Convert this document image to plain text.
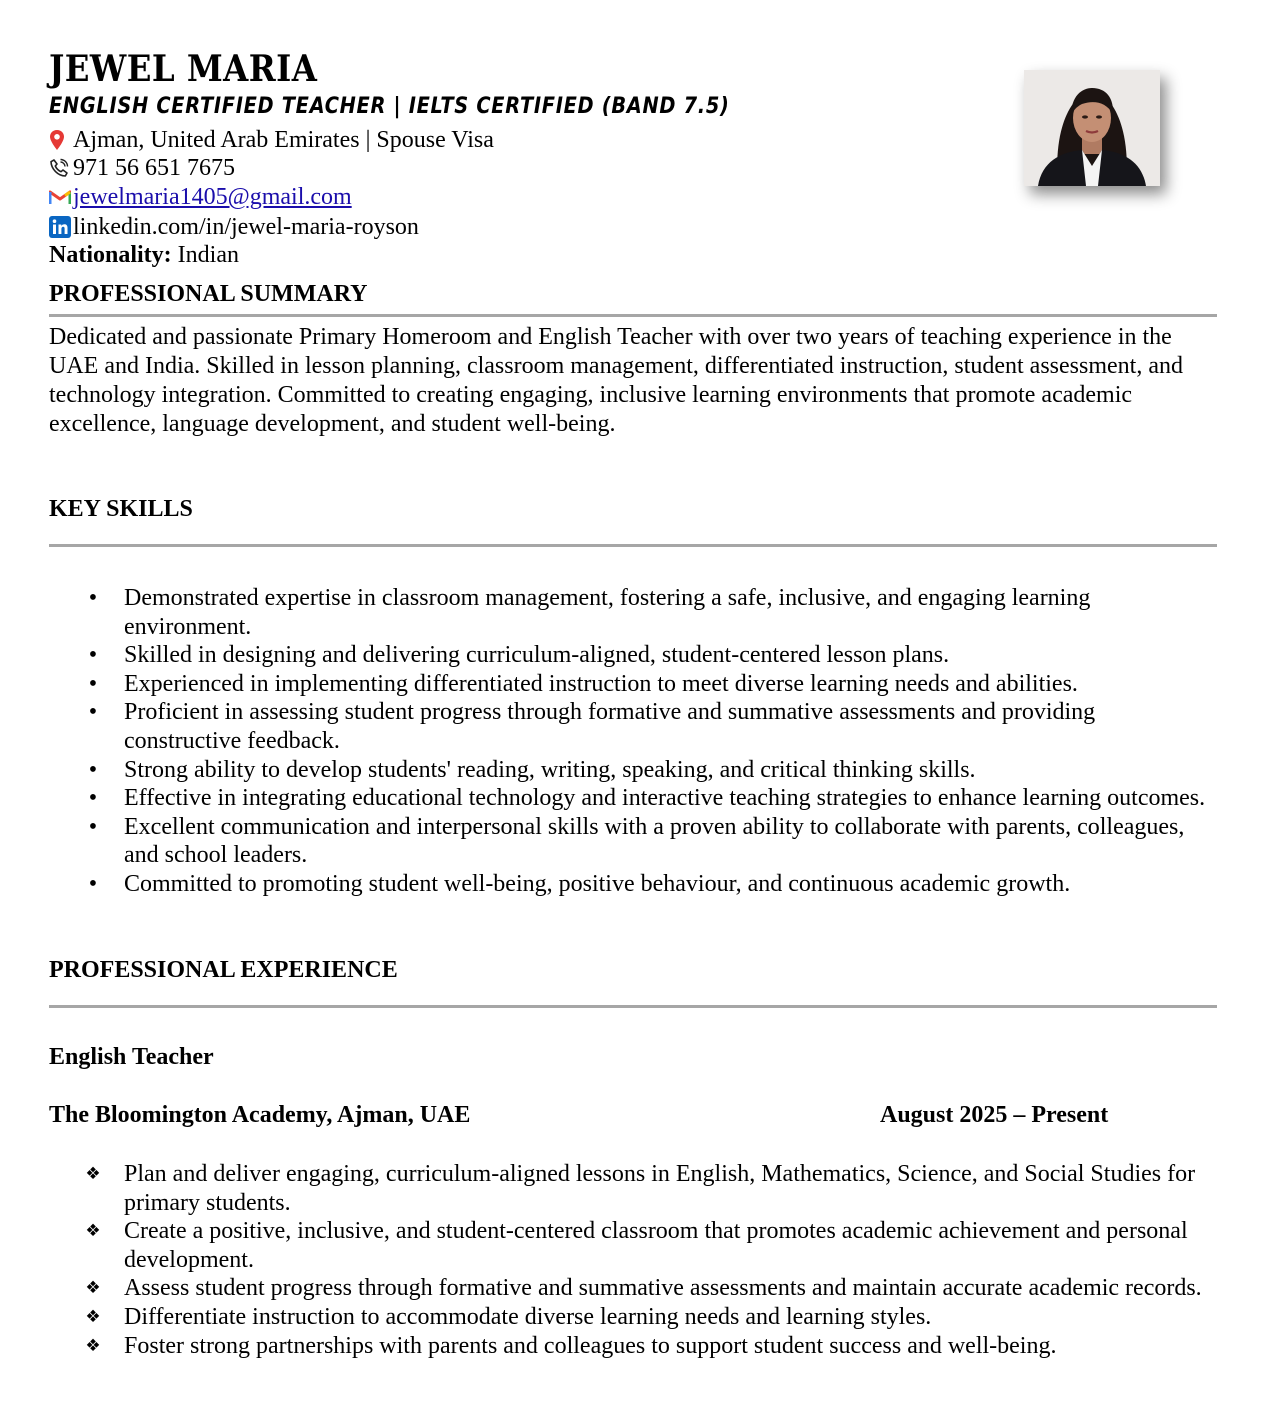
JEWEL MARIA
ENGLISH CERTIFIED TEACHER | IELTS CERTIFIED (BAND 7.5)
Ajman, United Arab Emirates | Spouse Visa
971 56 651 7675
jewelmaria1405@gmail.com
linkedin.com/in/jewel-maria-royson
Nationality: Indian
PROFESSIONAL SUMMARY

Dedicated and passionate Primary Homeroom and English Teacher with over two years of teaching experience in the UAE and India. Skilled in lesson planning, classroom management, differentiated instruction, student assessment, and technology integration. Committed to creating engaging, inclusive learning environments that promote academic excellence, language development, and student well-being.

KEY SKILLS
• Demonstrated expertise in classroom management, fostering a safe, inclusive, and engaging learning environment.
• Skilled in designing and delivering curriculum-aligned, student-centered lesson plans.
• Experienced in implementing differentiated instruction to meet diverse learning needs and abilities.
• Proficient in assessing student progress through formative and summative assessments and providing constructive feedback.
• Strong ability to develop students' reading, writing, speaking, and critical thinking skills.
• Effective in integrating educational technology and interactive teaching strategies to enhance learning outcomes.
• Excellent communication and interpersonal skills with a proven ability to collaborate with parents, colleagues, and school leaders.
• Committed to promoting student well-being, positive behaviour, and continuous academic growth.
PROFESSIONAL EXPERIENCE
English Teacher
The Bloomington Academy, Ajman, UAE	August 2025 – Present
❖ Plan and deliver engaging, curriculum-aligned lessons in English, Mathematics, Science, and Social Studies for primary students.
❖ Create a positive, inclusive, and student-centered classroom that promotes academic achievement and personal development.
❖ Assess student progress through formative and summative assessments and maintain accurate academic records.
❖ Differentiate instruction to accommodate diverse learning needs and learning styles.
❖ Foster strong partnerships with parents and colleagues to support student success and well-being.
